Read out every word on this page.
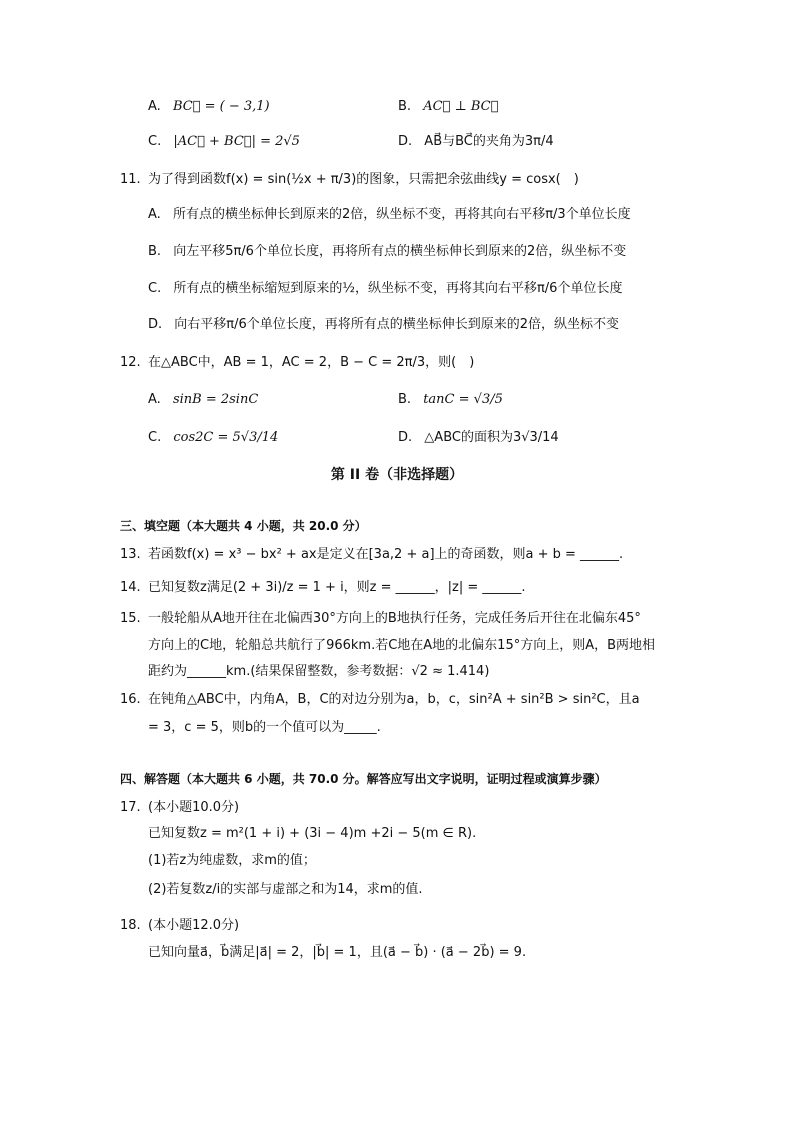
A. BC⃗ = ( − 3,1)	B. AC⃗ ⊥ BC⃗
C. |AC⃗ + BC⃗| = 2√5	D. AB⃗与BC⃗的夹角为3π/4
11. 为了得到函数f(x) = sin(½x + π/3)的图象，只需把余弦曲线y = cosx(　)
A. 所有点的横坐标伸长到原来的2倍，纵坐标不变，再将其向右平移π/3个单位长度
B. 向左平移5π/6个单位长度，再将所有点的横坐标伸长到原来的2倍，纵坐标不变
C. 所有点的横坐标缩短到原来的½，纵坐标不变，再将其向右平移π/6个单位长度
D. 向右平移π/6个单位长度，再将所有点的横坐标伸长到原来的2倍，纵坐标不变
12. 在△ABC中，AB = 1，AC = 2，B − C = 2π/3，则(　)
A. sinB = 2sinC	B. tanC = √3/5
C. cos2C = 5√3/14	D. △ABC的面积为3√3/14
第 II 卷（非选择题）
三、填空题（本大题共 4 小题，共 20.0 分）
13. 若函数f(x) = x³ − bx² + ax是定义在[3a,2 + a]上的奇函数，则a + b = ______.
14. 已知复数z满足(2 + 3i)/z = 1 + i，则z = ______，|z| = ______.
15. 一般轮船从A地开往在北偏西30°方向上的B地执行任务，完成任务后开往在北偏东45°
方向上的C地，轮船总共航行了966km.若C地在A地的北偏东15°方向上，则A，B两地相
距约为______km.(结果保留整数，参考数据：√2 ≈ 1.414)
16. 在钝角△ABC中，内角A，B，C的对边分别为a，b，c，sin²A + sin²B > sin²C，且a
= 3，c = 5，则b的一个值可以为_____.
四、解答题（本大题共 6 小题，共 70.0 分。解答应写出文字说明，证明过程或演算步骤）
17. (本小题10.0分)
已知复数z = m²(1 + i) + (3i − 4)m +2i − 5(m ∈ R).
(1)若z为纯虚数，求m的值；
(2)若复数z/i的实部与虚部之和为14，求m的值.
18. (本小题12.0分)
已知向量a⃗，b⃗满足|a⃗| = 2，|b⃗| = 1，且(a⃗ − b⃗) · (a⃗ − 2b⃗) = 9.
